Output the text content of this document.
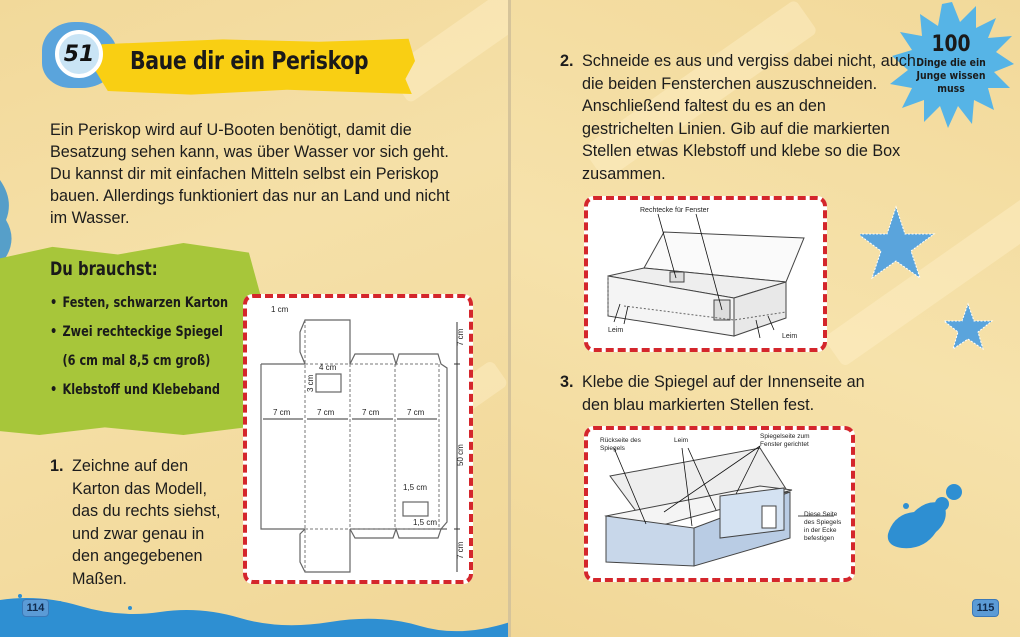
51	Baue dir ein Periskop

Ein Periskop wird auf U-Booten benötigt, damit die Besatzung sehen kann, was über Wasser vor sich geht. Du kannst dir mit einfachen Mitteln selbst ein Periskop bauen. Allerdings funktioniert das nur an Land und nicht im Wasser.

Du brauchst:
• Festen, schwarzen Karton
• Zwei rechteckige Spiegel
(6 cm mal 8,5 cm groß)
• Klebstoff und Klebeband
1. Zeichne auf den Karton das Modell, das du rechts siehst, und zwar genau in den angegebenen Maßen.
1 cm
4 cm
7 cm	7 cm	7 cm	7 cm
1,5 cm
1,5 cm
7 cm
50 cm
7 cm
3 cm
114
100
Dinge die ein
Junge wissen
muss
2. Schneide es aus und vergiss dabei nicht, auch die beiden Fensterchen auszuschneiden. Anschließend faltest du es an den gestrichelten Linien. Gib auf die markierten Stellen etwas Klebstoff und klebe so die Box zusammen.
Rechtecke für Fenster
Leim
Leim
3. Klebe die Spiegel auf der Innenseite an den blau markierten Stellen fest.
Rückseite des
Spiegels
Leim
Spiegelseite zum
Fenster gerichtet
Diese Seite
des Spiegels
in der Ecke
befestigen
115
